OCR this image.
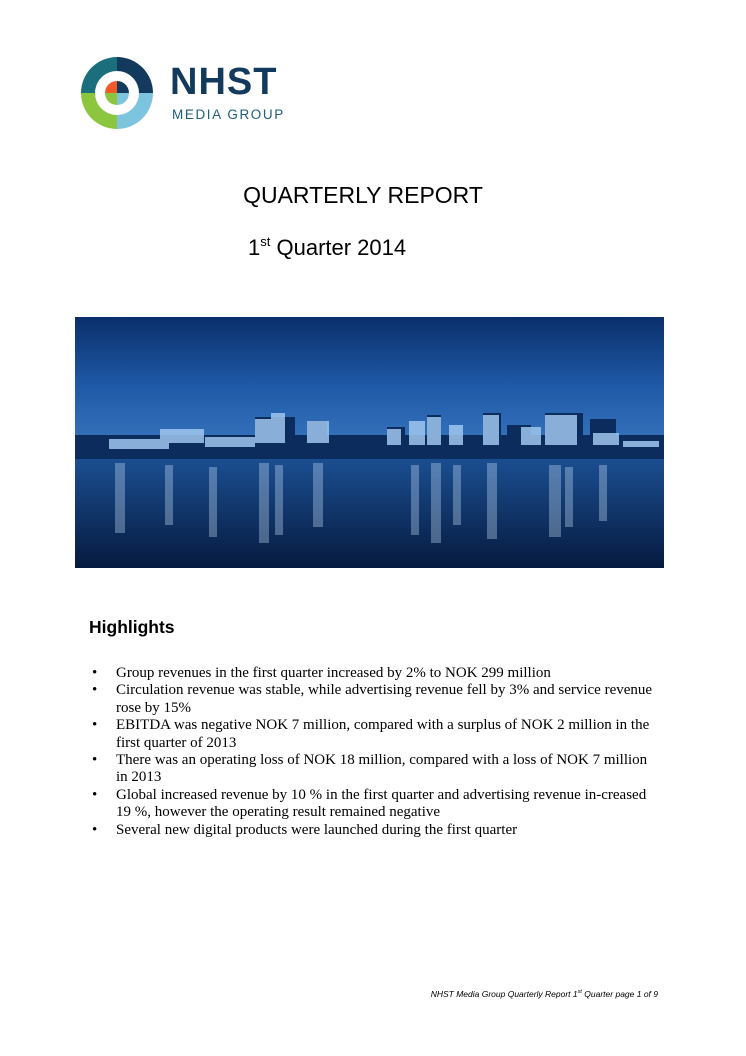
NHST
MEDIA GROUP
QUARTERLY REPORT
1st Quarter 2014
Highlights
• Group revenues in the first quarter increased by 2% to NOK 299 million
• Circulation revenue was stable, while advertising revenue fell by 3% and service revenue rose by 15%
• EBITDA was negative NOK 7 million, compared with a surplus of NOK 2 million in the first quarter of 2013
• There was an operating loss of NOK 18 million, compared with a loss of NOK 7 million in 2013
• Global increased revenue by 10 % in the first quarter and advertising revenue in-creased 19 %, however the operating result remained negative
• Several new digital products were launched during the first quarter
NHST Media Group Quarterly Report 1st Quarter page 1 of 9
